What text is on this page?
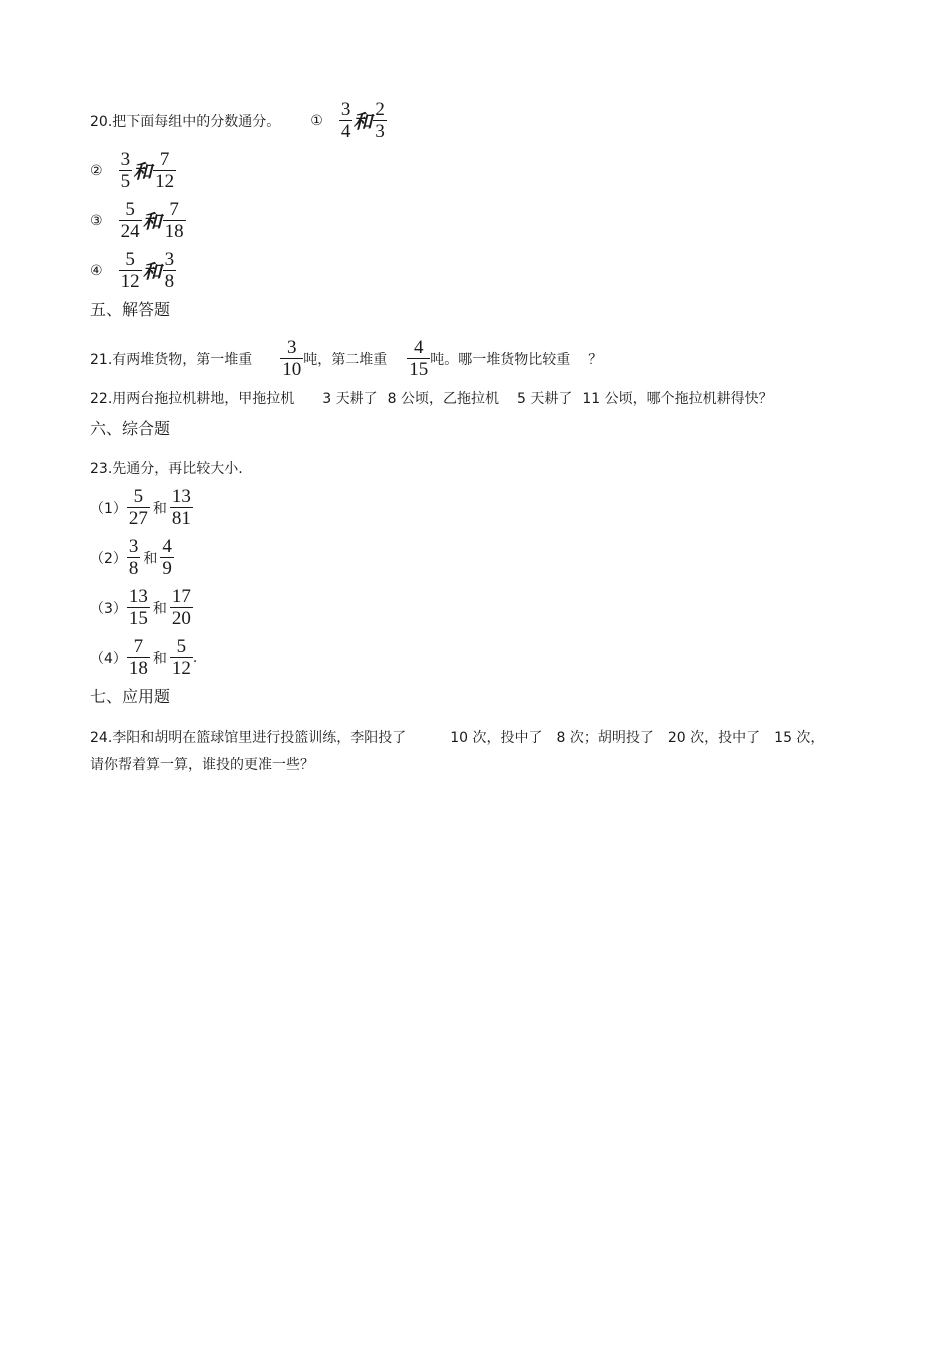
20.把下面每组中的分数通分。 ① $\frac{3}{4}$ 和 $\frac{2}{3}$
② $\frac{3}{5}$ 和 $\frac{7}{12}$
③ $\frac{5}{24}$ 和 $\frac{7}{18}$
④ $\frac{5}{12}$ 和 $\frac{3}{8}$
五、解答题
21.有两堆货物，第一堆重 $\frac{3}{10}$ 吨，第二堆重 $\frac{4}{15}$ 吨。哪一堆货物比较重 ？
22.用两台拖拉机耕地，甲拖拉机 3 天耕了 8 公顷，乙拖拉机 5 天耕了 11 公顷，哪个拖拉机耕得快？
六、综合题
23.先通分，再比较大小.
$(1) \frac{5}{27}$ 和 $\frac{13}{81}$
$(2) \frac{3}{8}$ 和 $\frac{4}{9}$
$(3) \frac{13}{15}$ 和 $\frac{17}{20}$
$(4) \frac{7}{18}$ 和 $\frac{5}{12}$ .
七、应用题
24.李阳和胡明在篮球馆里进行投篮训练，李阳投了	10 次，投中了 8 次；胡明投了 20 次，投中了 15 次，
请你帮着算一算，谁投的更准一些？
